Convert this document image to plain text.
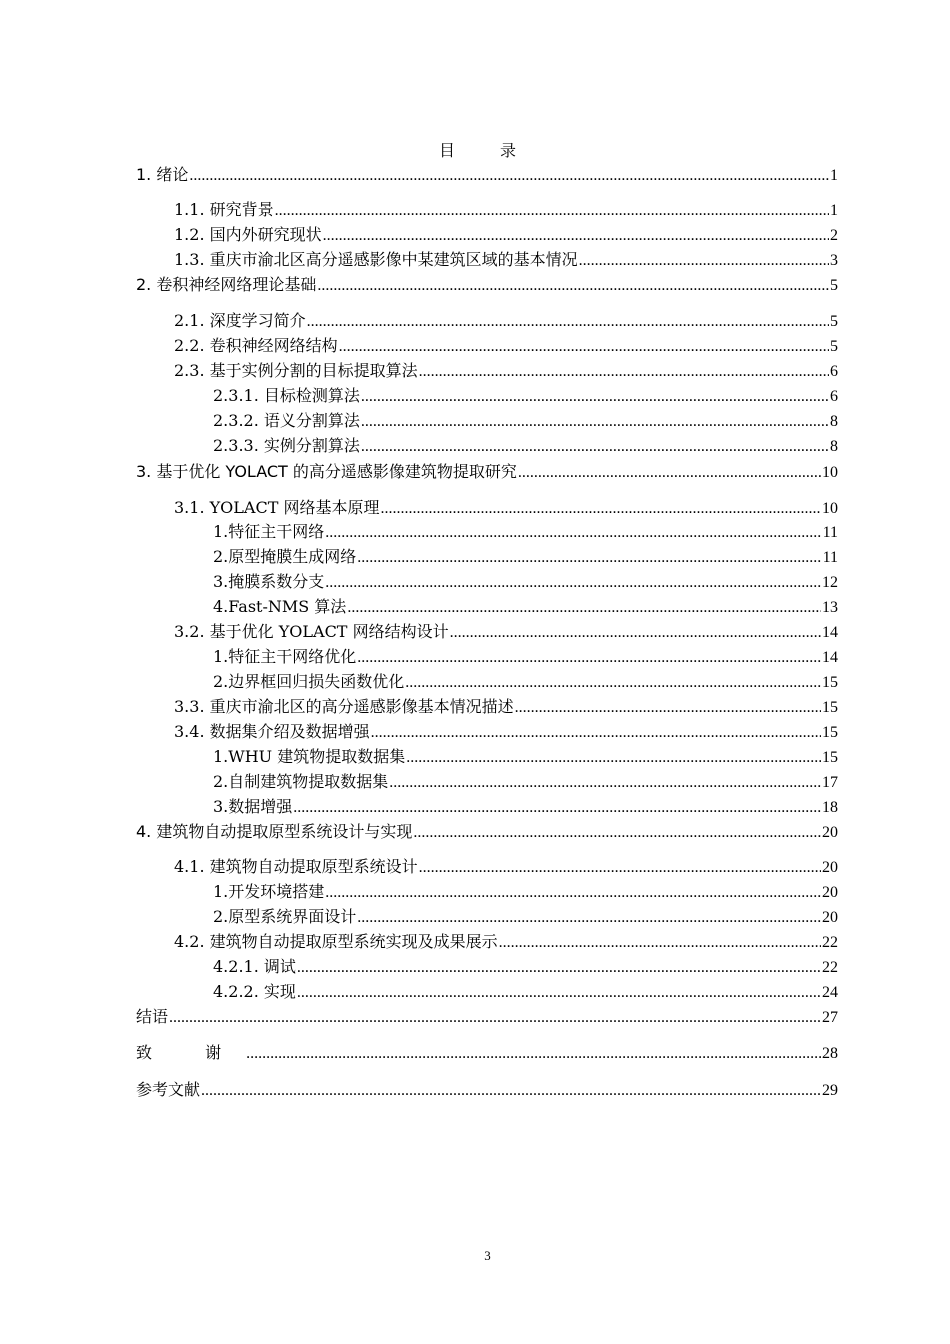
目 录
1. 绪论 .....	1
1.1. 研究背景 .....	1
1.2. 国内外研究现状 .....	2
1.3. 重庆市渝北区高分遥感影像中某建筑区域的基本情况 .....	3
2. 卷积神经网络理论基础 .....	5
2.1. 深度学习简介 .....	5
2.2. 卷积神经网络结构 .....	5
2.3. 基于实例分割的目标提取算法 .....	6
2.3.1. 目标检测算法 .....	6
2.3.2. 语义分割算法 .....	8
2.3.3. 实例分割算法 .....	8
3. 基于优化 YOLACT 的高分遥感影像建筑物提取研究 .....	10
3.1. YOLACT 网络基本原理 .....	10
1.特征主干网络 .....	11
2.原型掩膜生成网络 .....	11
3.掩膜系数分支 .....	12
4.Fast-NMS 算法 .....	13
3.2. 基于优化 YOLACT 网络结构设计 .....	14
1.特征主干网络优化 .....	14
2.边界框回归损失函数优化 .....	15
3.3. 重庆市渝北区的高分遥感影像基本情况描述 .....	15
3.4. 数据集介绍及数据增强 .....	15
1.WHU 建筑物提取数据集 .....	15
2.自制建筑物提取数据集 .....	17
3.数据增强 .....	18
4. 建筑物自动提取原型系统设计与实现 .....	20
4.1. 建筑物自动提取原型系统设计 .....	20
1.开发环境搭建 .....	20
2.原型系统界面设计 .....	20
4.2. 建筑物自动提取原型系统实现及成果展示 .....	22
4.2.1. 调试 .....	22
4.2.2. 实现 .....	24
结语 .....	27
致 谢 .....	28
参考文献 .....	29
3
